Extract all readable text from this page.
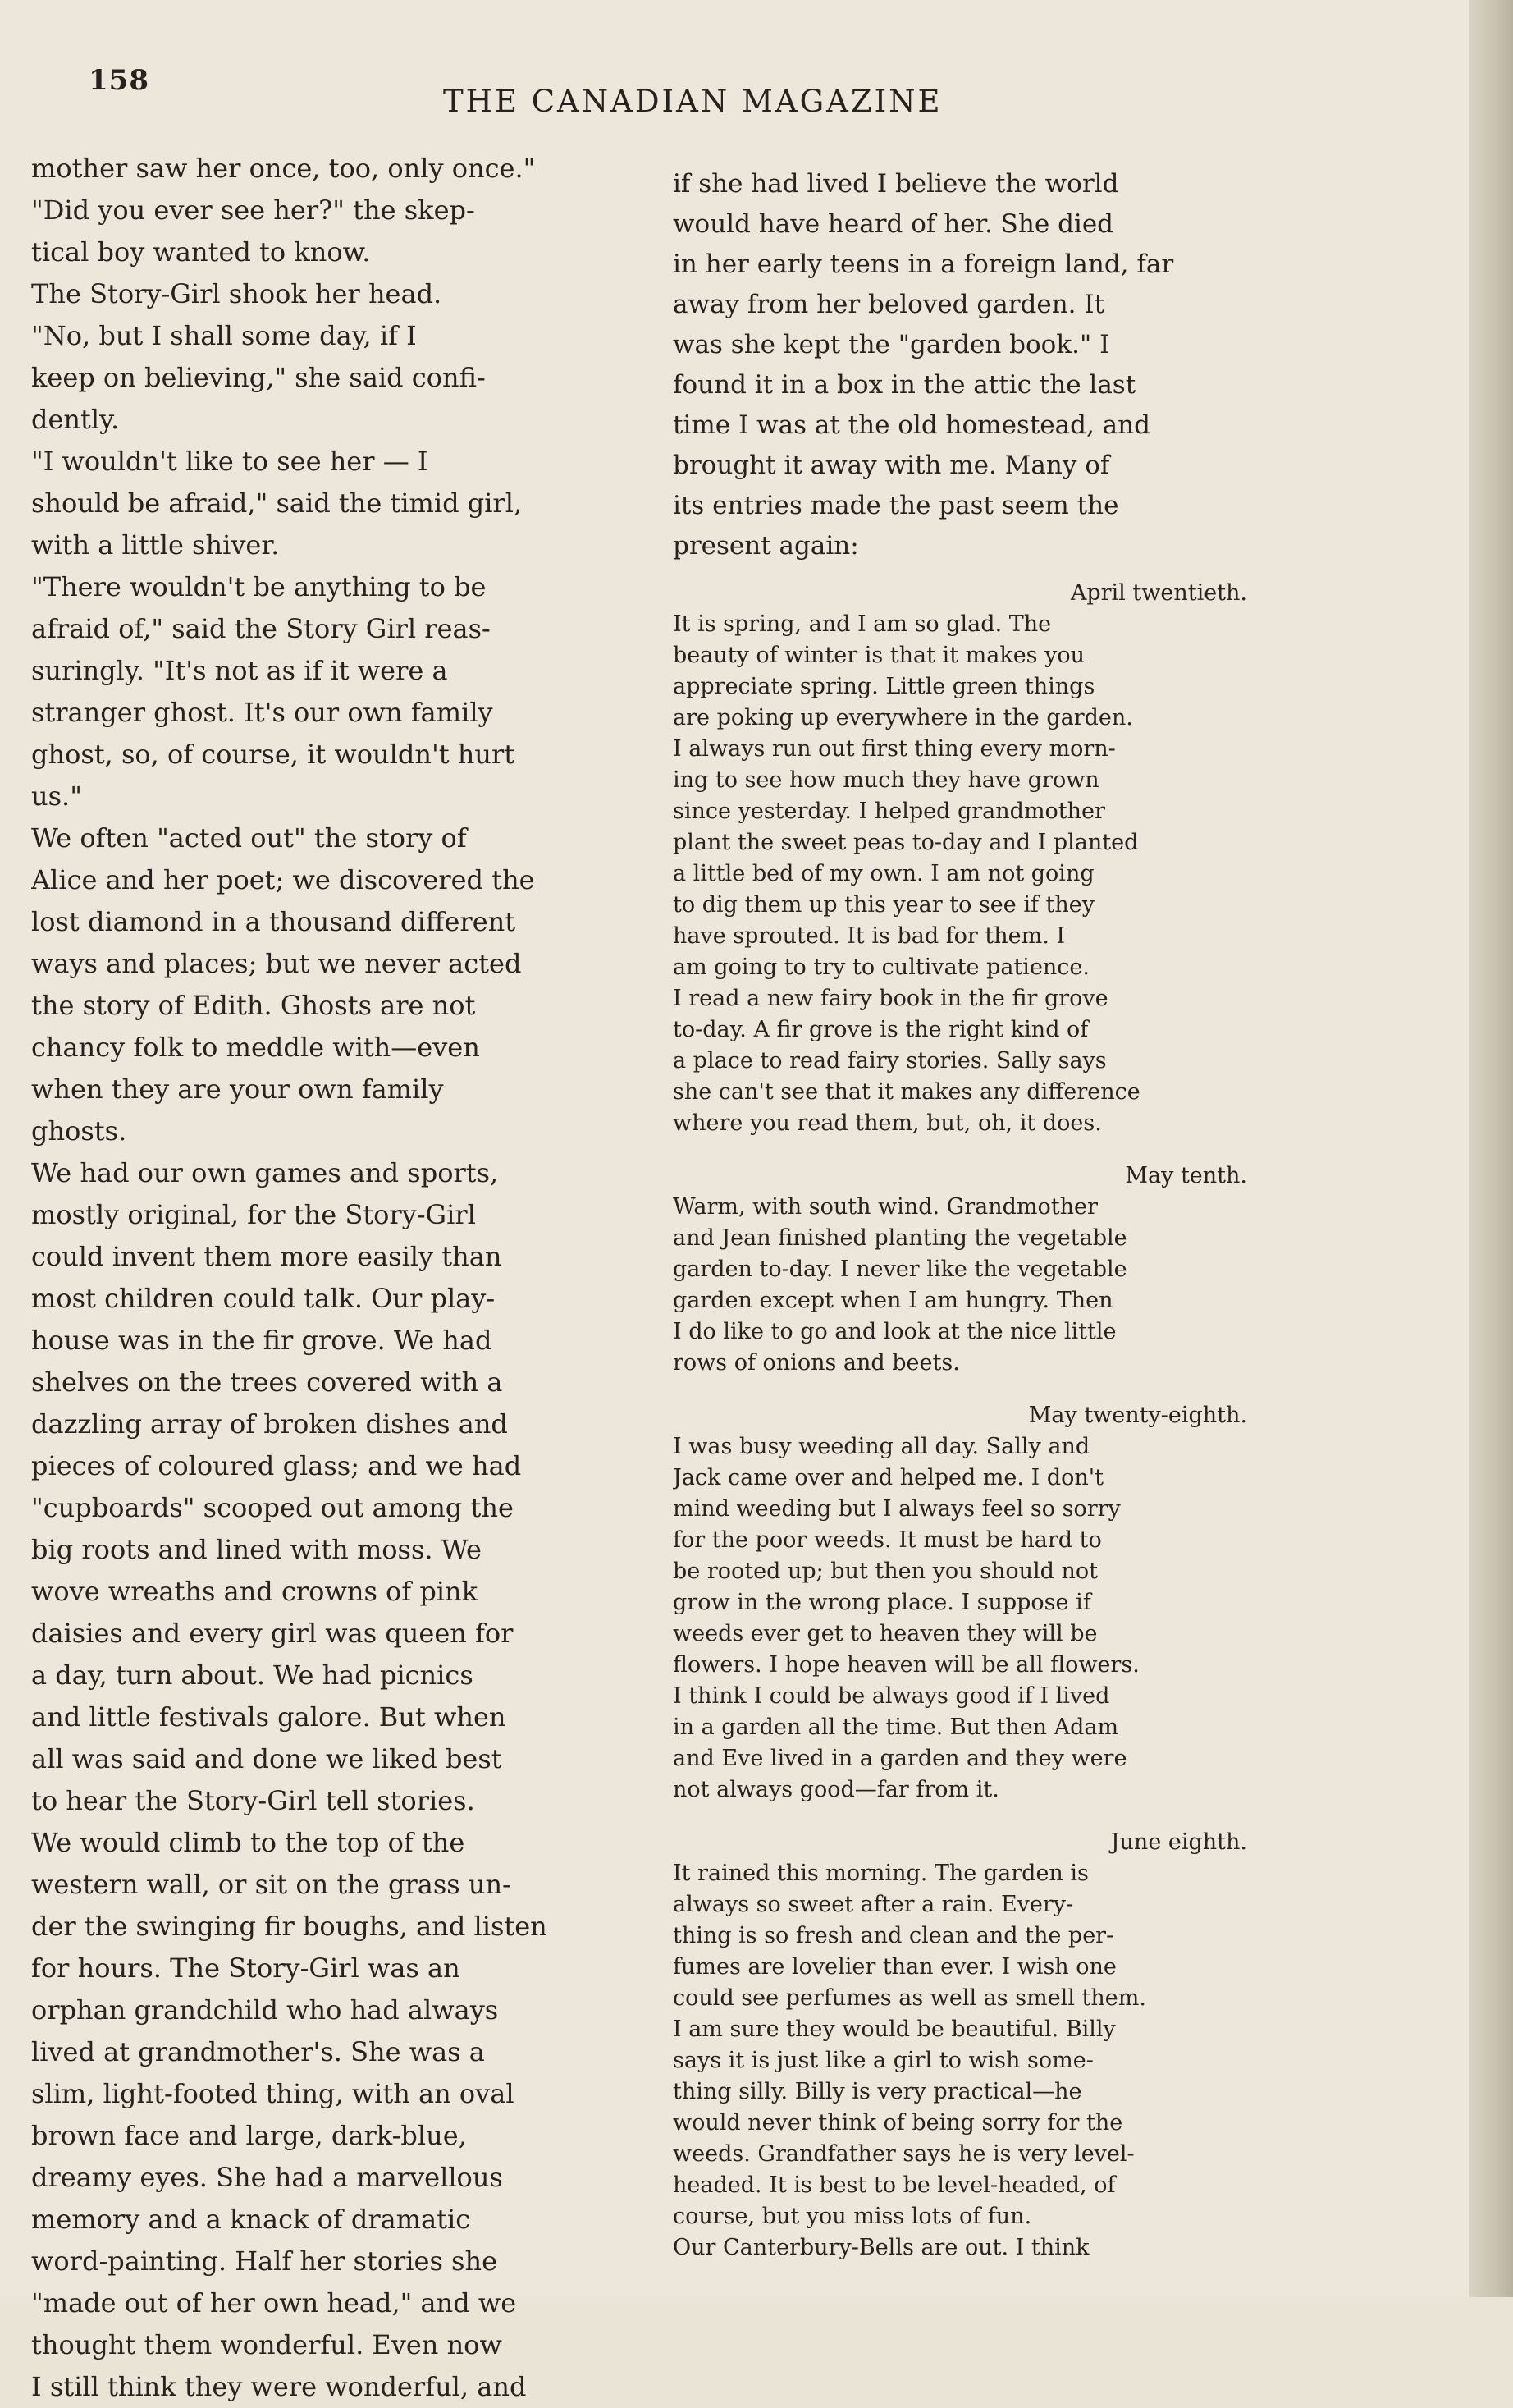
158
THE CANADIAN MAGAZINE
mother saw her once, too, only once."
"Did you ever see her?" the skep-
tical boy wanted to know.
The Story-Girl shook her head.
"No, but I shall some day, if I
keep on believing," she said confi-
dently.
"I wouldn't like to see her — I
should be afraid," said the timid girl,
with a little shiver.
"There wouldn't be anything to be
afraid of," said the Story Girl reas-
suringly. "It's not as if it were a
stranger ghost. It's our own family
ghost, so, of course, it wouldn't hurt
us."
We often "acted out" the story of
Alice and her poet; we discovered the
lost diamond in a thousand different
ways and places; but we never acted
the story of Edith. Ghosts are not
chancy folk to meddle with—even
when they are your own family
ghosts.
We had our own games and sports,
mostly original, for the Story-Girl
could invent them more easily than
most children could talk. Our play-
house was in the fir grove. We had
shelves on the trees covered with a
dazzling array of broken dishes and
pieces of coloured glass; and we had
"cupboards" scooped out among the
big roots and lined with moss. We
wove wreaths and crowns of pink
daisies and every girl was queen for
a day, turn about. We had picnics
and little festivals galore. But when
all was said and done we liked best
to hear the Story-Girl tell stories.
We would climb to the top of the
western wall, or sit on the grass un-
der the swinging fir boughs, and listen
for hours. The Story-Girl was an
orphan grandchild who had always
lived at grandmother's. She was a
slim, light-footed thing, with an oval
brown face and large, dark-blue,
dreamy eyes. She had a marvellous
memory and a knack of dramatic
word-painting. Half her stories she
"made out of her own head," and we
thought them wonderful. Even now
I still think they were wonderful, and
if she had lived I believe the world
would have heard of her. She died
in her early teens in a foreign land, far
away from her beloved garden. It
was she kept the "garden book." I
found it in a box in the attic the last
time I was at the old homestead, and
brought it away with me. Many of
its entries made the past seem the
present again:
April twentieth.
It is spring, and I am so glad. The
beauty of winter is that it makes you
appreciate spring. Little green things
are poking up everywhere in the garden.
I always run out first thing every morn-
ing to see how much they have grown
since yesterday. I helped grandmother
plant the sweet peas to-day and I planted
a little bed of my own. I am not going
to dig them up this year to see if they
have sprouted. It is bad for them. I
am going to try to cultivate patience.
I read a new fairy book in the fir grove
to-day. A fir grove is the right kind of
a place to read fairy stories. Sally says
she can't see that it makes any difference
where you read them, but, oh, it does.
May tenth.
Warm, with south wind. Grandmother
and Jean finished planting the vegetable
garden to-day. I never like the vegetable
garden except when I am hungry. Then
I do like to go and look at the nice little
rows of onions and beets.
May twenty-eighth.
I was busy weeding all day. Sally and
Jack came over and helped me. I don't
mind weeding but I always feel so sorry
for the poor weeds. It must be hard to
be rooted up; but then you should not
grow in the wrong place. I suppose if
weeds ever get to heaven they will be
flowers. I hope heaven will be all flowers.
I think I could be always good if I lived
in a garden all the time. But then Adam
and Eve lived in a garden and they were
not always good—far from it.
June eighth.
It rained this morning. The garden is
always so sweet after a rain. Every-
thing is so fresh and clean and the per-
fumes are lovelier than ever. I wish one
could see perfumes as well as smell them.
I am sure they would be beautiful. Billy
says it is just like a girl to wish some-
thing silly. Billy is very practical—he
would never think of being sorry for the
weeds. Grandfather says he is very level-
headed. It is best to be level-headed, of
course, but you miss lots of fun.
Our Canterbury-Bells are out. I think
